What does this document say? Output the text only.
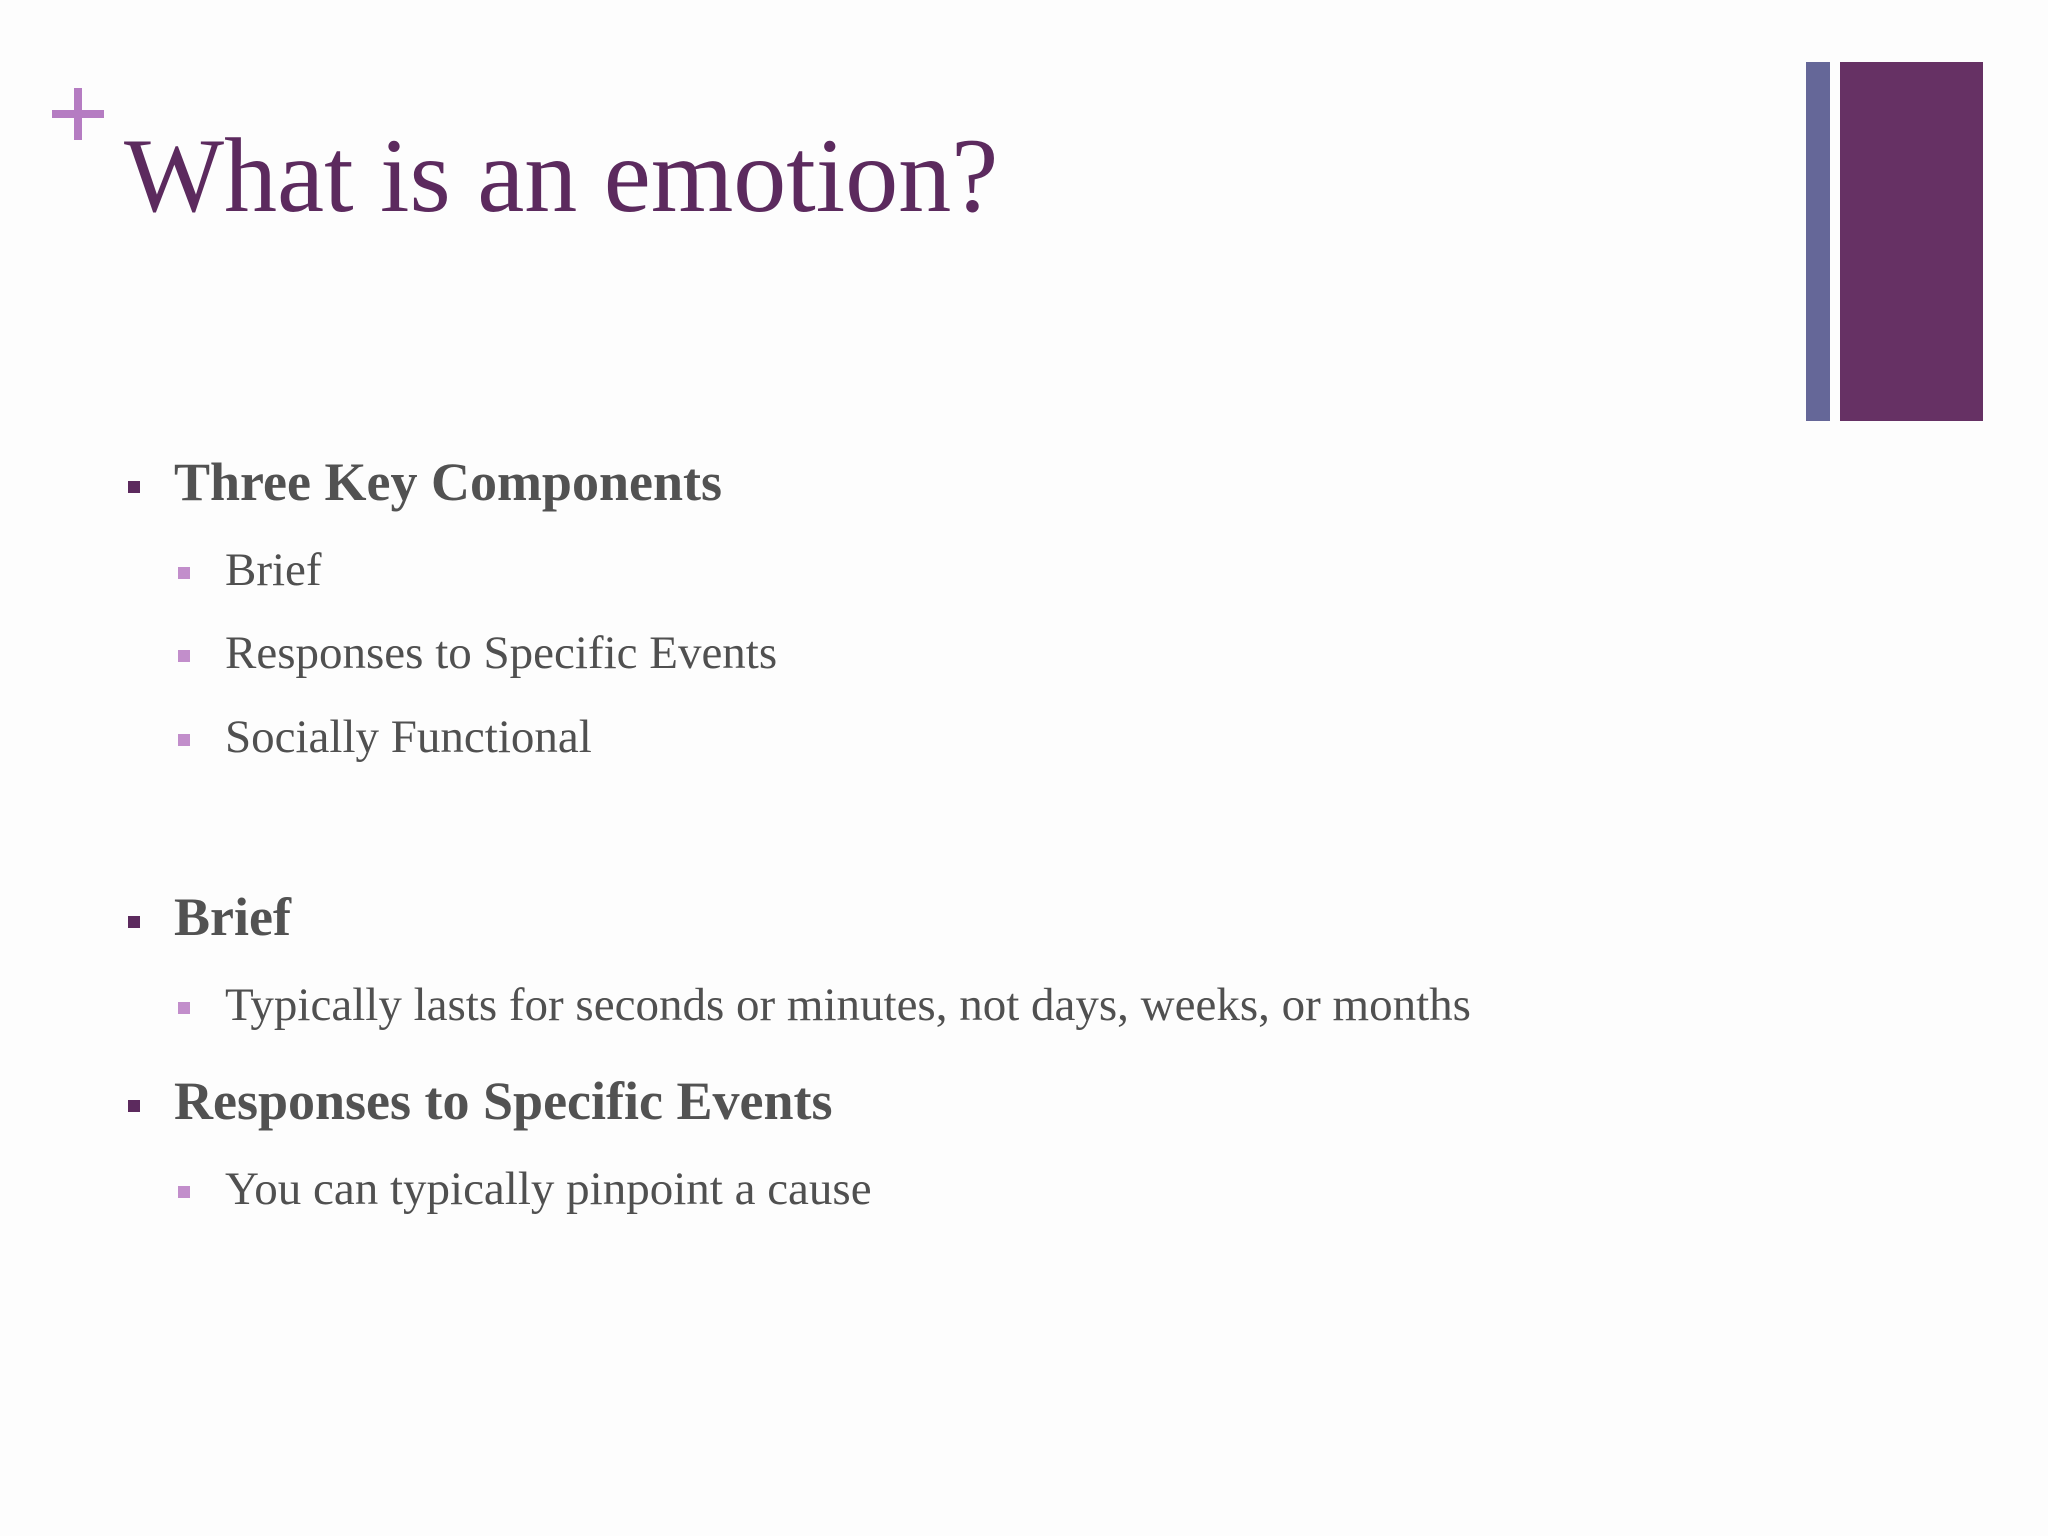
What is an emotion?
Three Key Components
Brief
Responses to Specific Events
Socially Functional
Brief
Typically lasts for seconds or minutes, not days, weeks, or months
Responses to Specific Events
You can typically pinpoint a cause
